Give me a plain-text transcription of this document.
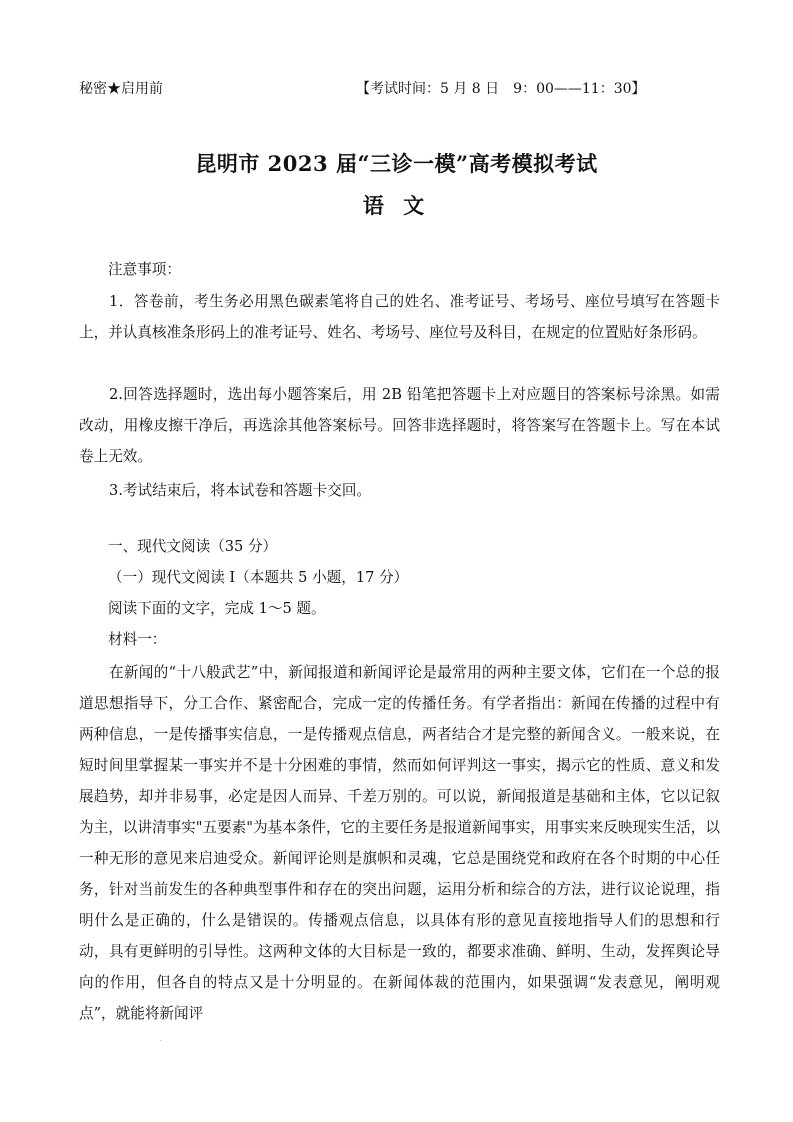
秘密★启用前	【考试时间：5 月 8 日　9：00——11：30】
昆明市 2023 届“三诊一模”高考模拟考试
语 文
注意事项：

1．答卷前，考生务必用黑色碳素笔将自己的姓名、准考证号、考场号、座位号填写在答题卡上，并认真核准条形码上的准考证号、姓名、考场号、座位号及科目，在规定的位置贴好条形码。

2.回答选择题时，选出每小题答案后，用 2B 铅笔把答题卡上对应题目的答案标号涂黑。如需改动，用橡皮擦干净后，再选涂其他答案标号。回答非选择题时，将答案写在答题卡上。写在本试卷上无效。

3.考试结束后，将本试卷和答题卡交回。

一、现代文阅读（35 分）
（一）现代文阅读 I（本题共 5 小题，17 分）
阅读下面的文字，完成 1～5 题。
材料一：

在新闻的“十八般武艺”中，新闻报道和新闻评论是最常用的两种主要文体，它们在一个总的报道思想指导下，分工合作、紧密配合，完成一定的传播任务。有学者指出：新闻在传播的过程中有两种信息，一是传播事实信息，一是传播观点信息，两者结合才是完整的新闻含义。一般来说，在短时间里掌握某一事实并不是十分困难的事情，然而如何评判这一事实，揭示它的性质、意义和发展趋势，却并非易事，必定是因人而异、千差万别的。可以说，新闻报道是基础和主体，它以记叙为主，以讲清事实"五要素"为基本条件，它的主要任务是报道新闻事实，用事实来反映现实生活，以一种无形的意见来启迪受众。新闻评论则是旗帜和灵魂，它总是围绕党和政府在各个时期的中心任务，针对当前发生的各种典型事件和存在的突出问题，运用分析和综合的方法，进行议论说理，指明什么是正确的，什么是错误的。传播观点信息，以具体有形的意见直接地指导人们的思想和行动，具有更鲜明的引导性。这两种文体的大目标是一致的，都要求准确、鲜明、生动，发挥舆论导向的作用，但各自的特点又是十分明显的。在新闻体裁的范围内，如果强调“发表意见，阐明观点”，就能将新闻评

·
